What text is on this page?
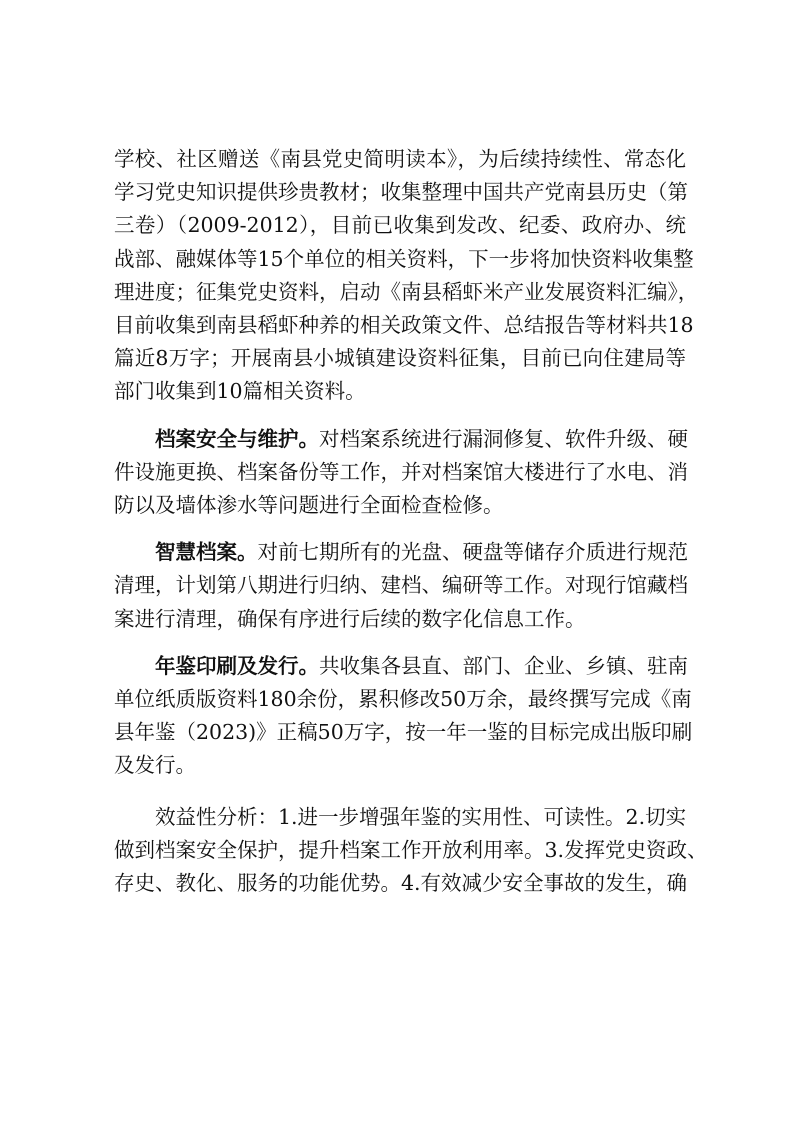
学校、社区赠送《南县党史简明读本》，为后续持续性、常态化
学习党史知识提供珍贵教材；收集整理中国共产党南县历史（第
三卷）（2009-2012），目前已收集到发改、纪委、政府办、统
战部、融媒体等15个单位的相关资料，下一步将加快资料收集整
理进度；征集党史资料，启动《南县稻虾米产业发展资料汇编》，
目前收集到南县稻虾种养的相关政策文件、总结报告等材料共18
篇近8万字；开展南县小城镇建设资料征集，目前已向住建局等
部门收集到10篇相关资料。
档案安全与维护。对档案系统进行漏洞修复、软件升级、硬
件设施更换、档案备份等工作，并对档案馆大楼进行了水电、消
防以及墙体渗水等问题进行全面检查检修。
智慧档案。对前七期所有的光盘、硬盘等储存介质进行规范
清理，计划第八期进行归纳、建档、编研等工作。对现行馆藏档
案进行清理，确保有序进行后续的数字化信息工作。
年鉴印刷及发行。共收集各县直、部门、企业、乡镇、驻南
单位纸质版资料180余份，累积修改50万余，最终撰写完成《南
县年鉴（2023)》正稿50万字，按一年一鉴的目标完成出版印刷
及发行。
效益性分析：1.进一步增强年鉴的实用性、可读性。2.切实
做到档案安全保护，提升档案工作开放利用率。3.发挥党史资政、
存史、教化、服务的功能优势。4.有效减少安全事故的发生，确
